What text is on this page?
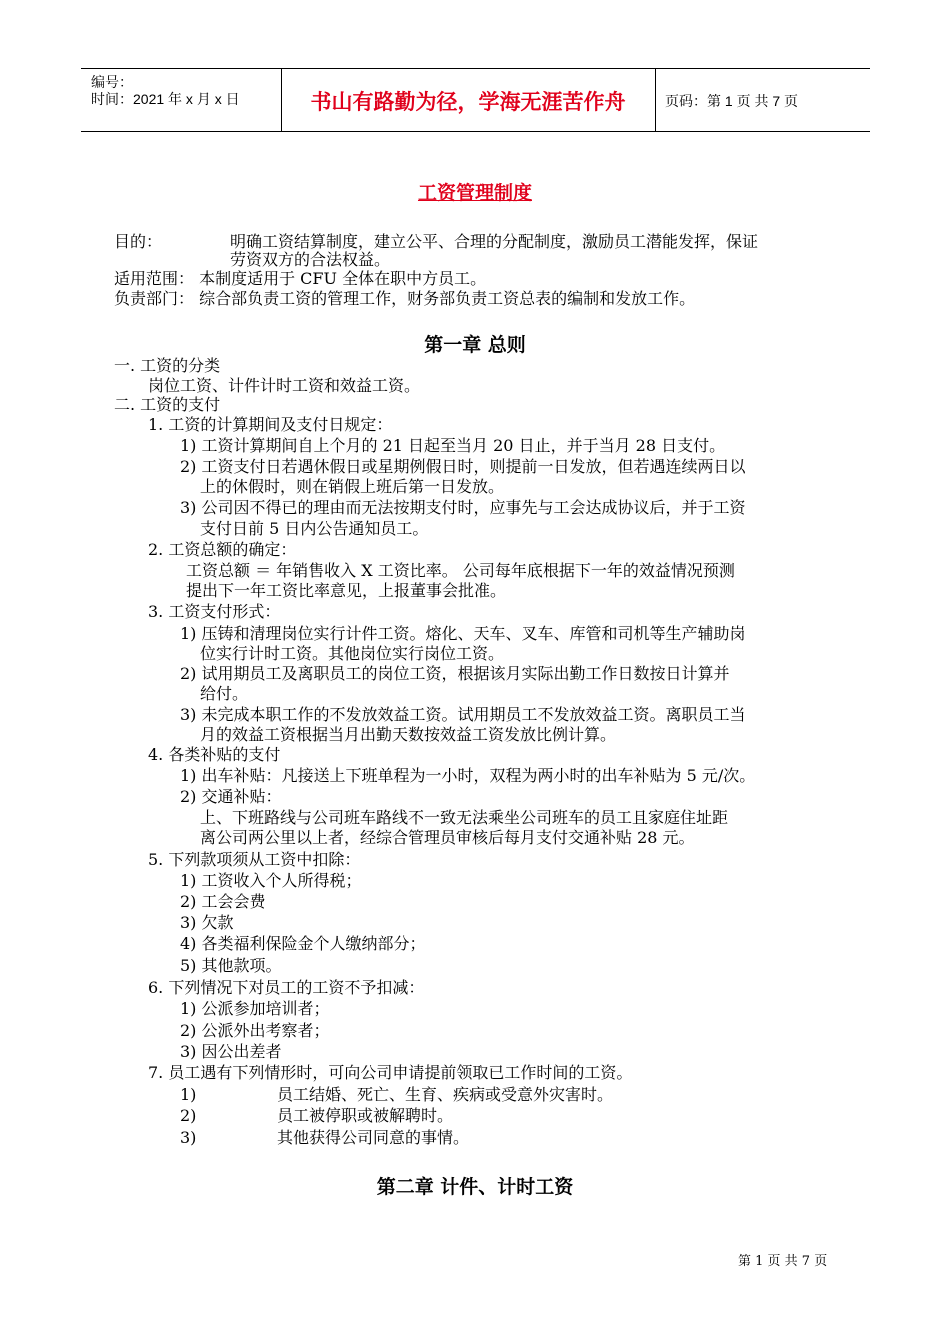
编号：
时间：2021 年 x 月 x 日	书山有路勤为径，学海无涯苦作舟	页码：第 1 页 共 7 页
工资管理制度
目的：	明确工资结算制度，建立公平、合理的分配制度，激励员工潜能发挥，保证
劳资双方的合法权益。
适用范围： 本制度适用于 CFU 全体在职中方员工。
负责部门： 综合部负责工资的管理工作，财务部负责工资总表的编制和发放工作。
第一章 总则
一. 工资的分类
岗位工资、计件计时工资和效益工资。
二. 工资的支付
1. 工资的计算期间及支付日规定：
1) 工资计算期间自上个月的 21 日起至当月 20 日止，并于当月 28 日支付。
2) 工资支付日若遇休假日或星期例假日时，则提前一日发放，但若遇连续两日以
上的休假时，则在销假上班后第一日发放。
3) 公司因不得已的理由而无法按期支付时，应事先与工会达成协议后，并于工资
支付日前 5 日内公告通知员工。
2. 工资总额的确定：
工资总额 ＝ 年销售收入 X 工资比率。 公司每年底根据下一年的效益情况预测
提出下一年工资比率意见，上报董事会批准。
3. 工资支付形式：
1) 压铸和清理岗位实行计件工资。熔化、天车、叉车、库管和司机等生产辅助岗
位实行计时工资。其他岗位实行岗位工资。
2) 试用期员工及离职员工的岗位工资，根据该月实际出勤工作日数按日计算并
给付。
3) 未完成本职工作的不发放效益工资。试用期员工不发放效益工资。离职员工当
月的效益工资根据当月出勤天数按效益工资发放比例计算。
4. 各类补贴的支付
1) 出车补贴：凡接送上下班单程为一小时，双程为两小时的出车补贴为 5 元/次。
2) 交通补贴：
上、下班路线与公司班车路线不一致无法乘坐公司班车的员工且家庭住址距
离公司两公里以上者，经综合管理员审核后每月支付交通补贴 28 元。
5. 下列款项须从工资中扣除：
1) 工资收入个人所得税；
2) 工会会费
3) 欠款
4) 各类福利保险金个人缴纳部分；
5) 其他款项。
6. 下列情况下对员工的工资不予扣减：
1) 公派参加培训者；
2) 公派外出考察者；
3) 因公出差者
7. 员工遇有下列情形时，可向公司申请提前领取已工作时间的工资。
1)	员工结婚、死亡、生育、疾病或受意外灾害时。
2)	员工被停职或被解聘时。
3)	其他获得公司同意的事情。
第二章 计件、计时工资
第 1 页 共 7 页
